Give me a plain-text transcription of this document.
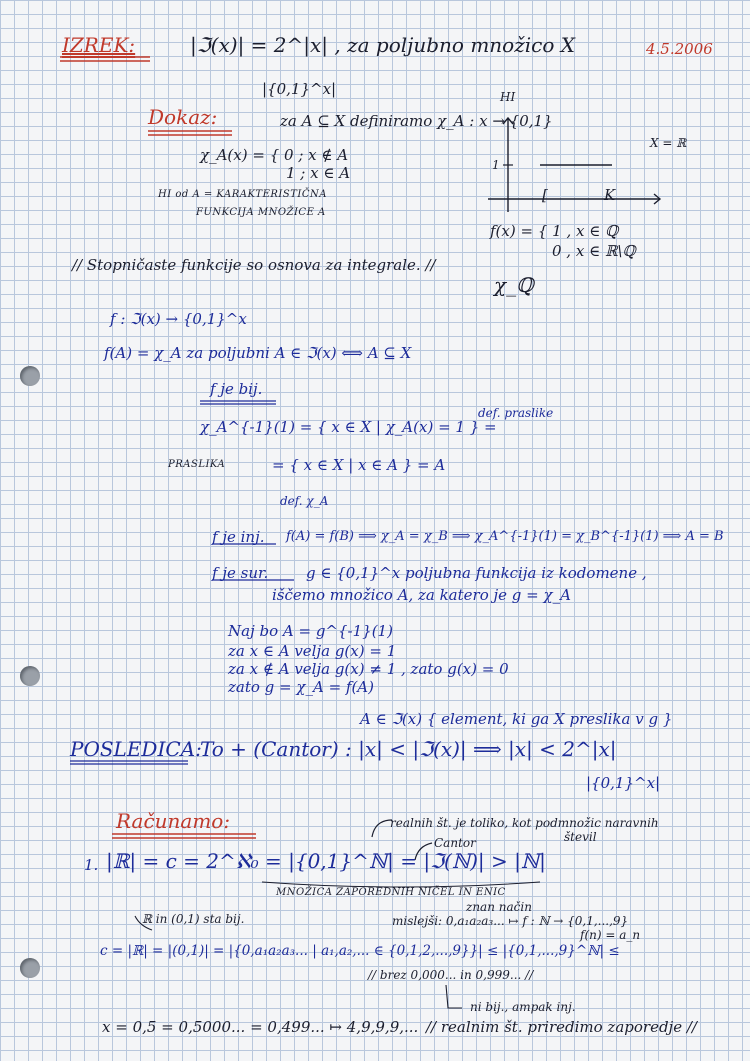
IZREK:	|ℑ(x)| = 2^|x| , za poljubno množico X
|{0,1}^x|
4.5.2006
Dokaz:	za A ⊆ X definiramo χ_A : x → {0,1}
HI
X = ℝ
χ_A(x) = { 0 ; x ∉ A
1 ; x ∈ A
HI od A = KARAKTERISTIČNA
FUNKCIJA MNOŽICE A
1
[	K
f(x) = { 1 , x ∈ ℚ
0 , x ∈ ℝ\ℚ
χ_ℚ
// Stopničaste funkcije so osnova za integrale. //
f : ℑ(x) → {0,1}^x
f(A) = χ_A za poljubni A ∈ ℑ(x) ⟺ A ⊆ X
f je bij.
χ_A^{-1}(1) = { x ∈ X | χ_A(x) = 1 } =
def. praslike
PRASLIKA	= { x ∈ X | x ∈ A } = A
def. χ_A
f je inj. f(A) = f(B) ⟹ χ_A = χ_B ⟹ χ_A^{-1}(1) = χ_B^{-1}(1) ⟹ A = B
f je sur.	g ∈ {0,1}^x poljubna funkcija iz kodomene ,
iščemo množico A, za katero je g = χ_A
Naj bo A = g^{-1}(1)
za x ∈ A velja g(x) = 1
za x ∉ A velja g(x) ≠ 1 , zato g(x) = 0
zato g = χ_A = f(A)
A ∈ ℑ(x) { element, ki ga X preslika v g }
POSLEDICA:
To + (Cantor) : |x| < |ℑ(x)| ⟹ |x| < 2^|x|
|{0,1}^x|
Računamo:	realnih št. je toliko, kot podmnožic naravnih
števil
Cantor
1. |ℝ| = c = 2^ℵ₀ = |{0,1}^ℕ| = |ℑ(ℕ)| > |ℕ|
MNOŽICA ZAPOREDNIH NIČEL IN ENIC
znan način
ℝ in (0,1) sta bij.	mislejši: 0,a₁a₂a₃... ↦ f : ℕ → {0,1,...,9}
f(n) = a_n
c = |ℝ| = |(0,1)| = |{0,a₁a₂a₃... | a₁,a₂,... ∈ {0,1,2,...,9}}| ≤ |{0,1,...,9}^ℕ| ≤
// brez 0,000... in 0,999... //
ni bij., ampak inj.
x = 0,5 = 0,5000... = 0,499... ↦ 4,9,9,9,... // realnim št. priredimo zaporedje //
